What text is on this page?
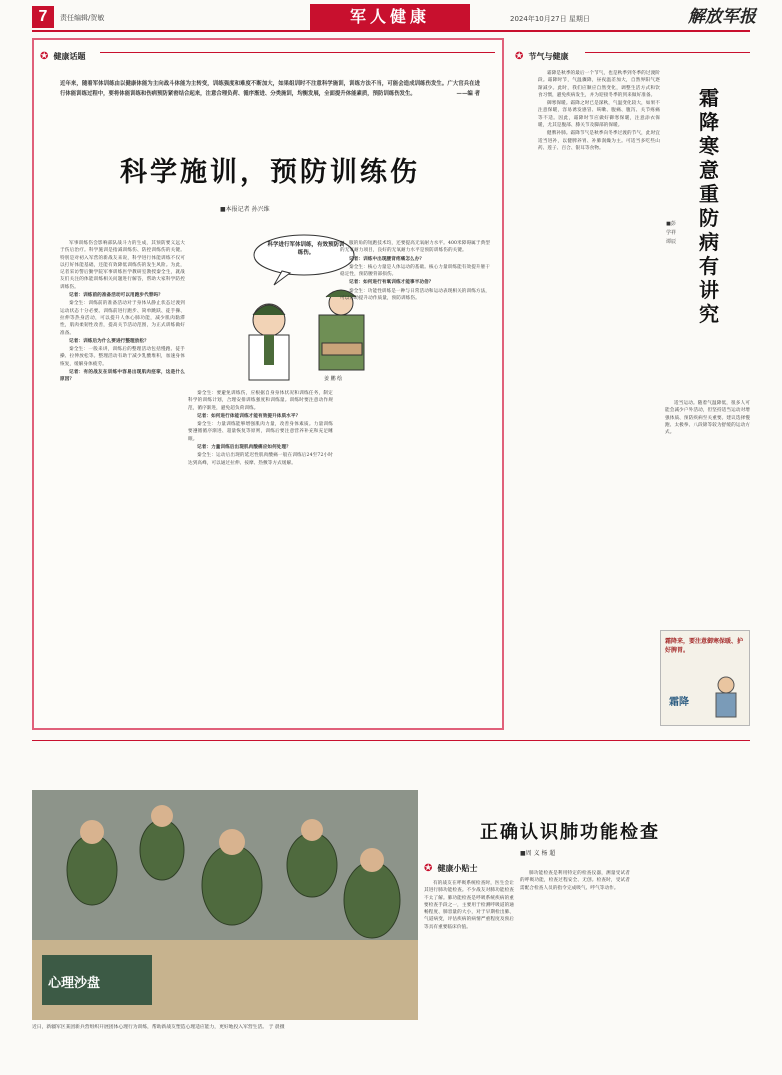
7	责任编辑/贺敏	军人健康	2024年10月27日 星期日	解放军报
✪ 健康话题
近年来，随着军体训练由以健康体能为主向战斗体能为主转变，训练强度和难度不断加大，如果组训时不注意科学施训，训练方法不当，可能会造成训练伤发生。广大官兵在进行体能训练过程中，要将体能训练和伤病预防紧密结合起来，注意合理负荷、循序渐进、分类施训，均衡发展，全面提升体能素质，预防训练伤发生。	——编 者
科学施训，预防训练伤
■本报记者 孙兴维

军事训练伤会影响部队战斗力的生成，其预防要义远大于伤后治疗。科学施训是指减训练伤、防控训练伤的关键。特别是对初入军营的新战友来说，科学进行体能训练不仅可以打好体能基础，还能有效降低训练伤的发生风险。为此，记者采访警后勤学院军事训练医学教研室教授秦全生，就战友们关注的体能训练相关问题进行解答，帮助大家科学防控训练伤。

记者：训练前的准备活动可以用跑步代替吗？

秦全生：训练前的准备活动对于身体从静止状态过渡到运动状态十分必要。训练前进行跑步、简单跳跃、徒手操、拉伸等热身活动，可以提升人体心肺功能，减少肌肉黏滞性，肌肉柔韧性改善，提高关节活动范围，为正式训练做好准备。

记者：训练后为什么要进行整理放松？

秦全生：一般来讲，训练后的整理活动包括慢跑、徒手操、拉伸放松等。整理活动有助于减少乳酸堆积，加速身体恢复，缓解身体疲劳。

记者：有的战友在训练中容易出现肌肉痉挛，这是什么原因？

科学进行军体训练，有效预防训练伤。
姜 鹏 绘

秦全生：要避免训练伤，应根据自身身体状况和训练任务，制定科学的训练计划，合理安排训练强度和训练量。训练时要注意动作规范，循序渐进，避免超负荷训练。

记者：如何进行体能训练才能有效提升体质水平？

秦全生：力量训练能够增强肌肉力量，改善身体素质。力量训练要遵循循序渐进、超量恢复等原则，训练后要注意营养补充和充足睡眠。

记者：力量训练后出现肌肉酸痛应如何处理？

秦全生：运动后出现的延迟性肌肉酸痛一般在训练后24至72小时达到高峰，可以通过拉伸、按摩、热敷等方式缓解。

服的角的短跑技术均，还要提高无氧耐力水平。400米障碍属于典型的无氧耐力项目，良好的无氧耐力水平是预防训练伤的关键。

记者：训练中出现腰背疼痛怎么办？

秦全生：核心力量是人体运动的基础。核心力量训练能有效提升躯干稳定性，预防腰背部损伤。

记者：如何进行有氧训练才能事半功倍？

秦全生：功能性训练是一种与日常活动和运动表现相关的训练方法，可以帮助提升动作质量，预防训练伤。

✪ 节气与健康
霜降寒意重 防病有讲究
■彭学祥 谭辰

霜降是秋季的最后一个节气，也是秋季到冬季的过渡阶段。霜降时节，气温骤降，昼夜温差加大，自然界阳气逐渐减少。此时，我们应顺应自然变化，调整生活方式和饮食习惯，避免疾病发生，并为迎接冬季的到来做好准备。

御寒保暖。霜降之时已是深秋，气温变化较大，如果不注意保暖，容易诱发感冒、咳嗽、腹痛、腹泻、关节疼痛等不适。因此，霜降时节应做好御寒保暖，注意添衣保暖，尤其是腹部、膝关节及脚部的保暖。

健脾补肺。霜降节气是秋季向冬季过渡的节气，此时宜适当进补，以健脾养胃、补肺润燥为主。可适当多吃些山药、莲子、百合、银耳等食物。

适当运动。随着气温降低，很多人可能会减少户外活动，但坚持适当运动对增强体质、预防疾病至关重要。建议选择慢跑、太极拳、八段锦等较为舒缓的运动方式。

霜降来，要注意御寒保暖、护好脾胃。
霜降
正确认识肺功能检查
■周 义 杨 超
心理沙盘
近日，新疆军区某团新兵营组织开展团体心理行为训练，帮助新战友塑造心理适应能力，更好地投入军营生活。 于 晨摄
✪ 健康小贴士

有的战友在呼吸系统检查时，医生会让其进行肺功能检查。不少战友对肺功能检查不太了解。肺功能检查是呼吸系统疾病的重要检查手段之一，主要用于检测呼吸道的通畅程度、肺容量的大小，对于早期检出肺、气道病变，评估疾病的病情严重程度及预后等具有重要临床价值。

肺功能检查是利用特定的检查仪器，测量受试者的呼吸功能，检查过程安全、无创。检查时，受试者需配合检查人员的指令完成吸气、呼气等动作。
